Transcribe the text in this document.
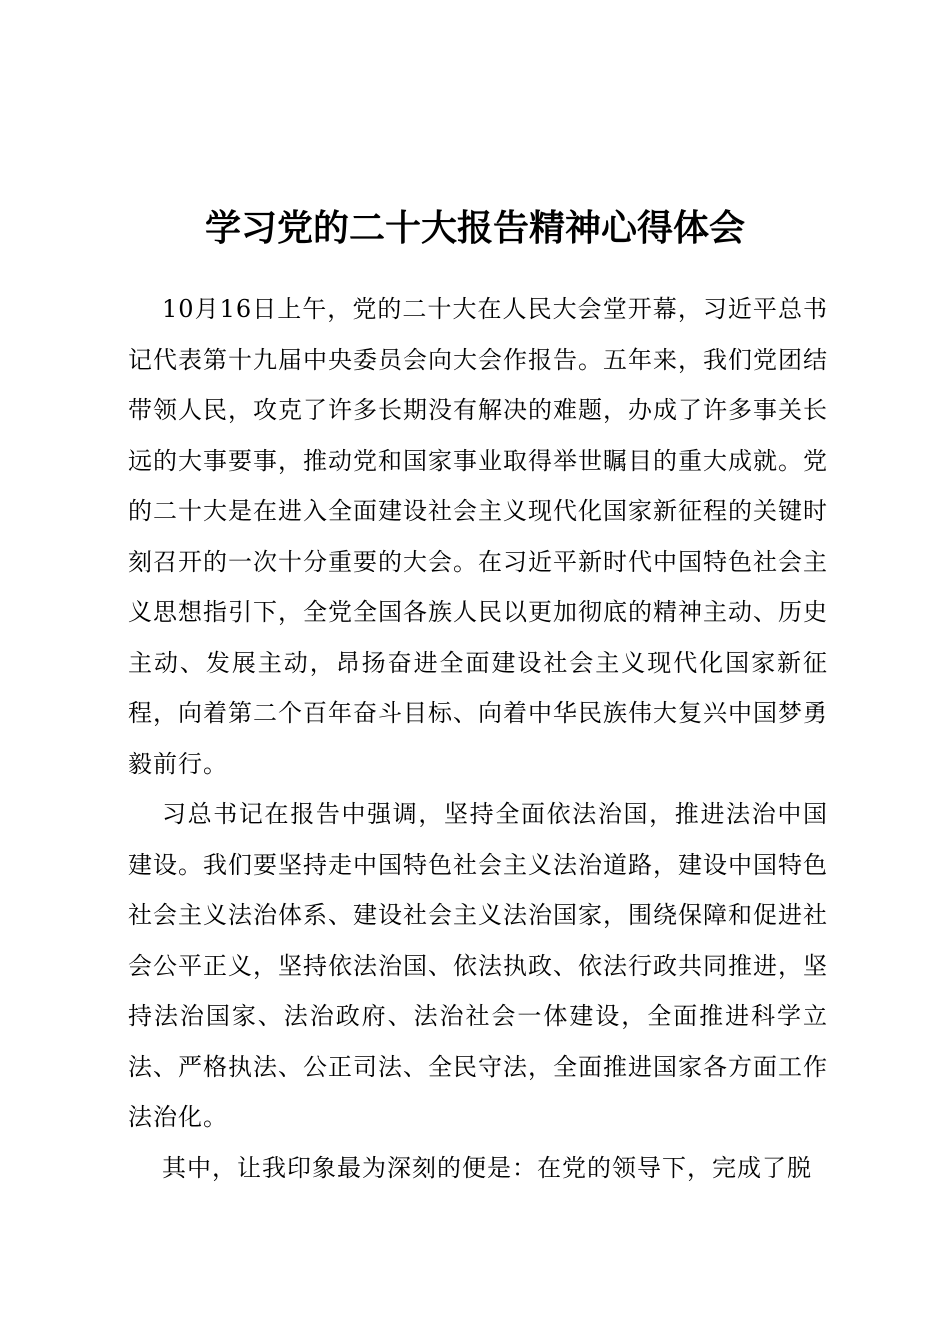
学习党的二十大报告精神心得体会

10月16日上午，党的二十大在人民大会堂开幕，习近平总书记代表第十九届中央委员会向大会作报告。五年来，我们党团结带领人民，攻克了许多长期没有解决的难题，办成了许多事关长远的大事要事，推动党和国家事业取得举世瞩目的重大成就。党的二十大是在进入全面建设社会主义现代化国家新征程的关键时刻召开的一次十分重要的大会。在习近平新时代中国特色社会主义思想指引下，全党全国各族人民以更加彻底的精神主动、历史主动、发展主动，昂扬奋进全面建设社会主义现代化国家新征程，向着第二个百年奋斗目标、向着中华民族伟大复兴中国梦勇毅前行。

习总书记在报告中强调，坚持全面依法治国，推进法治中国建设。我们要坚持走中国特色社会主义法治道路，建设中国特色社会主义法治体系、建设社会主义法治国家，围绕保障和促进社会公平正义，坚持依法治国、依法执政、依法行政共同推进，坚持法治国家、法治政府、法治社会一体建设，全面推进科学立法、严格执法、公正司法、全民守法，全面推进国家各方面工作法治化。

其中，让我印象最为深刻的便是：在党的领导下，完成了脱
